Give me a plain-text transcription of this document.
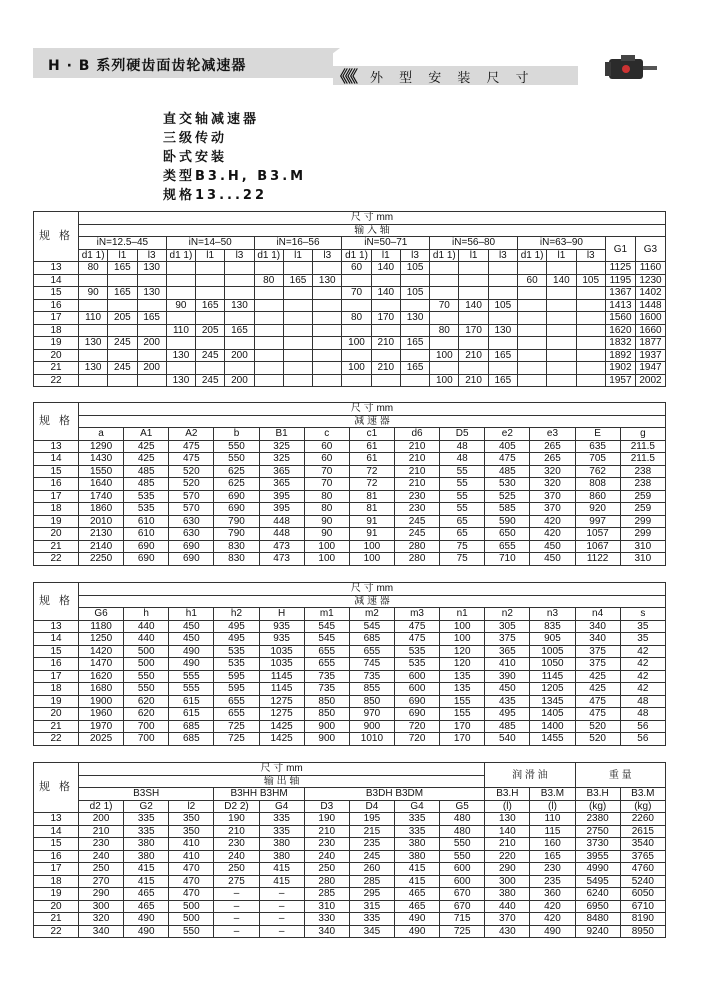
H · B 系列硬齿面齿轮减速器
《《《 外 型 安 装 尺 寸
直交轴减速器
三级传动
卧式安装
类型B3.H, B3.M
规格13...22
规 格	尺 寸 mm																			
	输 入 轴																			
	iN=12.5–45			iN=14–50			iN=16–56			iN=50–71			iN=56–80			iN=63–90			G1	G3
	d1 1)	l1	l3	d1 1)	l1	l3	d1 1)	l1	l3	d1 1)	l1	l3	d1 1)	l1	l3	d1 1)	l1	l3		
13	80	165	130							60	140	105							1125	1160
14							80	165	130							60	140	105	1195	1230
15	90	165	130							70	140	105							1367	1402
16				90	165	130							70	140	105				1413	1448
17	110	205	165							80	170	130							1560	1600
18				110	205	165							80	170	130				1620	1660
19	130	245	200							100	210	165							1832	1877
20				130	245	200							100	210	165				1892	1937
21	130	245	200							100	210	165							1902	1947
22				130	245	200							100	210	165				1957	2002
规 格	尺 寸 mm												
	减 速 器												
	a	A1	A2	b	B1	c	c1	d6	D5	e2	e3	E	g
13	1290	425	475	550	325	60	61	210	48	405	265	635	211.5
14	1430	425	475	550	325	60	61	210	48	475	265	705	211.5
15	1550	485	520	625	365	70	72	210	55	485	320	762	238
16	1640	485	520	625	365	70	72	210	55	530	320	808	238
17	1740	535	570	690	395	80	81	230	55	525	370	860	259
18	1860	535	570	690	395	80	81	230	55	585	370	920	259
19	2010	610	630	790	448	90	91	245	65	590	420	997	299
20	2130	610	630	790	448	90	91	245	65	650	420	1057	299
21	2140	690	690	830	473	100	100	280	75	655	450	1067	310
22	2250	690	690	830	473	100	100	280	75	710	450	1122	310
规 格	尺 寸 mm												
	减 速 器												
	G6	h	h1	h2	H	m1	m2	m3	n1	n2	n3	n4	s
13	1180	440	450	495	935	545	545	475	100	305	835	340	35
14	1250	440	450	495	935	545	685	475	100	375	905	340	35
15	1420	500	490	535	1035	655	655	535	120	365	1005	375	42
16	1470	500	490	535	1035	655	745	535	120	410	1050	375	42
17	1620	550	555	595	1145	735	735	600	135	390	1145	425	42
18	1680	550	555	595	1145	735	855	600	135	450	1205	425	42
19	1900	620	615	655	1275	850	850	690	155	435	1345	475	48
20	1960	620	615	655	1275	850	970	690	155	495	1405	475	48
21	1970	700	685	725	1425	900	900	720	170	485	1400	520	56
22	2025	700	685	725	1425	900	1010	720	170	540	1455	520	56
规 格	尺 寸 mm									润 滑 油		重 量	
	输 出 轴												
	B3SH			B3HH B3HM		B3DH B3DM				B3.H	B3.M	B3.H	B3.M
	d2 1)	G2	l2	D2 2)	G4	D3	D4	G4	G5	(l)	(l)	(kg)	(kg)
13	200	335	350	190	335	190	195	335	480	130	110	2380	2260
14	210	335	350	210	335	210	215	335	480	140	115	2750	2615
15	230	380	410	230	380	230	235	380	550	210	160	3730	3540
16	240	380	410	240	380	240	245	380	550	220	165	3955	3765
17	250	415	470	250	415	250	260	415	600	290	230	4990	4760
18	270	415	470	275	415	280	285	415	600	300	235	5495	5240
19	290	465	470	–	–	285	295	465	670	380	360	6240	6050
20	300	465	500	–	–	310	315	465	670	440	420	6950	6710
21	320	490	500	–	–	330	335	490	715	370	420	8480	8190
22	340	490	550	–	–	340	345	490	725	430	490	9240	8950
